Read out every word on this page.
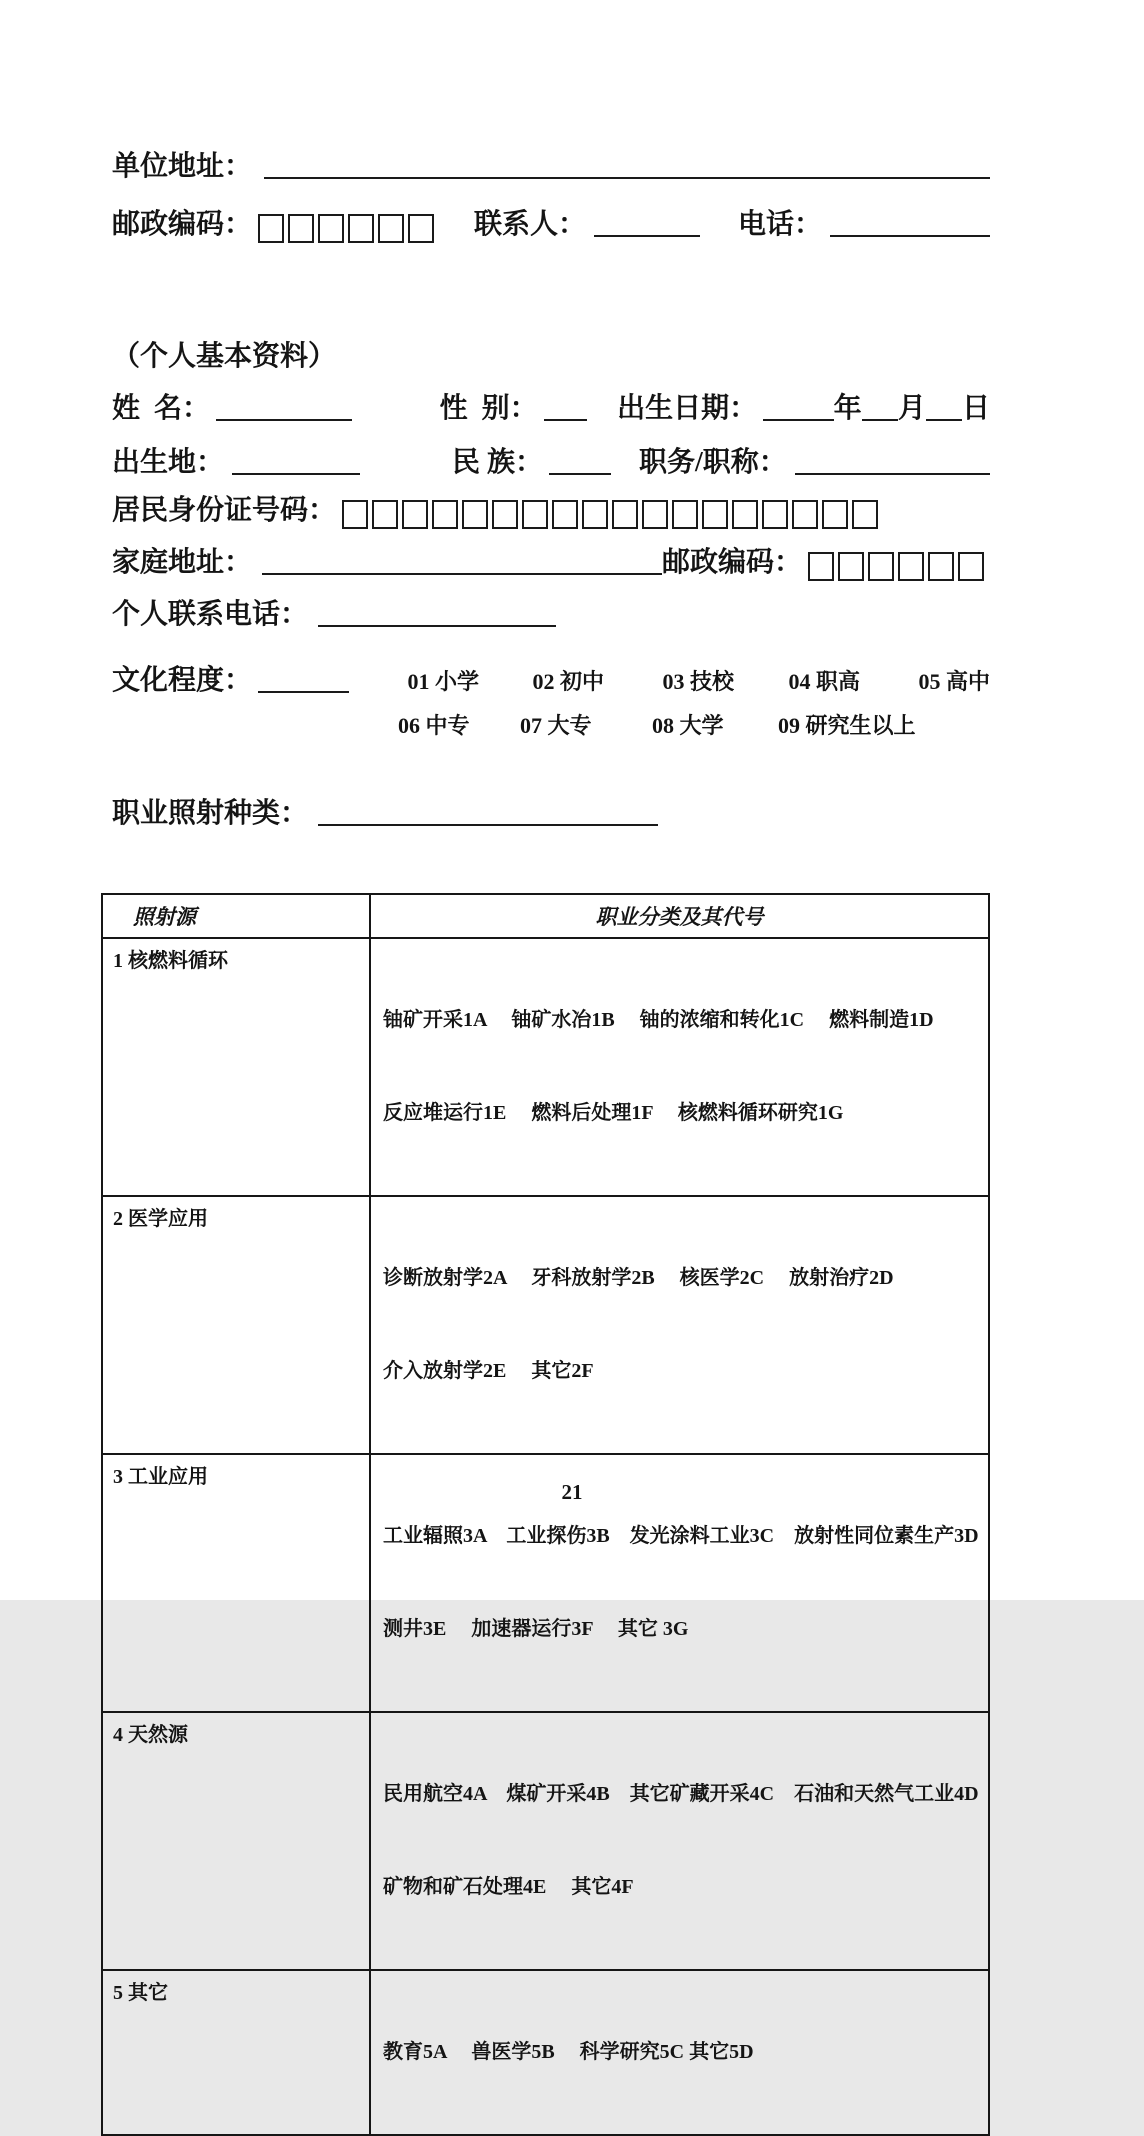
单位地址：
邮政编码：	联系人：	电话：
（个人基本资料）
姓  名：	性  别：	出生日期：	年 月 日
出生地：	民 族：	职务/职称：
居民身份证号码：
家庭地址：	邮政编码：
个人联系电话：
文化程度：	01 小学	02 初中	03 技校	04 职高	05 高中
06 中专	07 大专	08 大学	09 研究生以上
职业照射种类：
照射源	职业分类及其代号
1 核燃料循环	铀矿开采1A　 铀矿水冶1B　 铀的浓缩和转化1C　 燃料制造1D

反应堆运行1E　 燃料后处理1F　 核燃料循环研究1G

2 医学应用	诊断放射学2A　 牙科放射学2B　 核医学2C　 放射治疗2D

介入放射学2E　 其它2F

3 工业应用	工业辐照3A　工业探伤3B　发光涂料工业3C　放射性同位素生产3D

测井3E　 加速器运行3F　 其它 3G

4 天然源	民用航空4A　煤矿开采4B　其它矿藏开采4C　石油和天然气工业4D

矿物和矿石处理4E　 其它4F

5 其它	教育5A　 兽医学5B　 科学研究5C 其它5D

21
